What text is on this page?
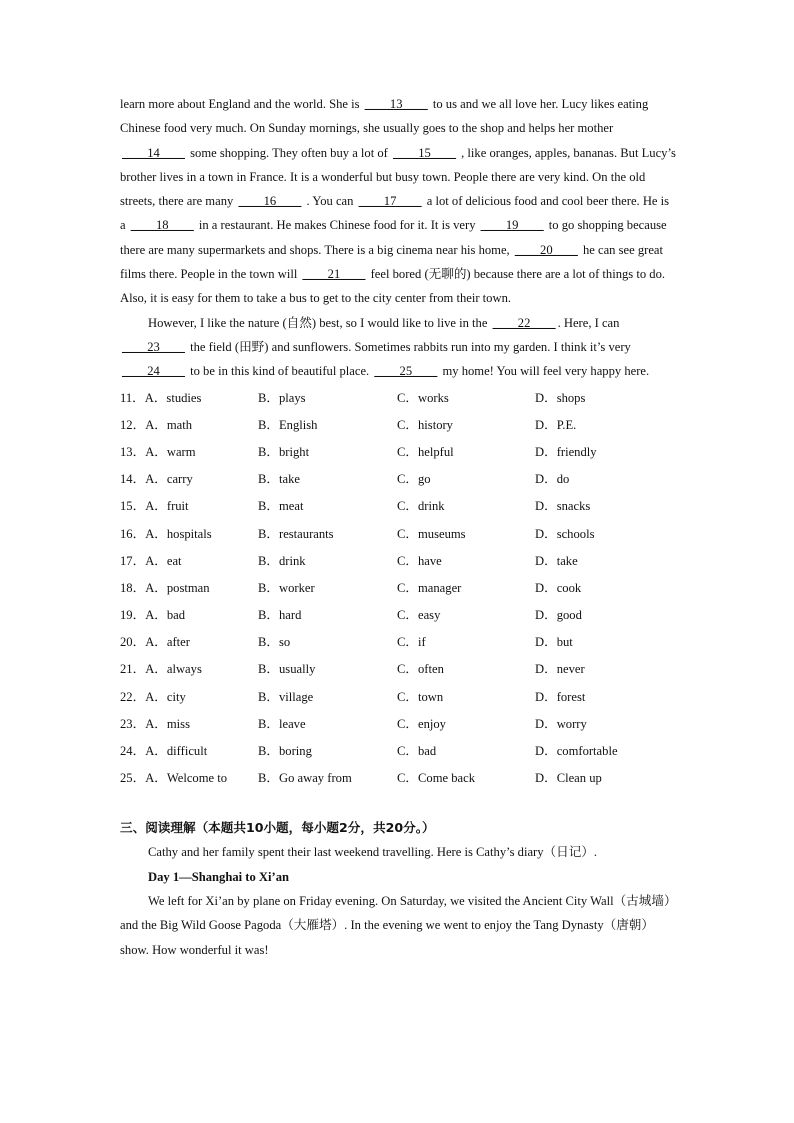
learn more about England and the world. She is ____13____ to us and we all love her. Lucy likes eating Chinese food very much. On Sunday mornings, she usually goes to the shop and helps her mother ____14____ some shopping. They often buy a lot of ____15____ , like oranges, apples, bananas. But Lucy’s brother lives in a town in France. It is a wonderful but busy town. People there are very kind. On the old streets, there are many ____16____ . You can ____17____ a lot of delicious food and cool beer there. He is a ____18____ in a restaurant. He makes Chinese food for it. It is very ____19____ to go shopping because there are many supermarkets and shops. There is a big cinema near his home, ____20____ he can see great films there. People in the town will ____21____ feel bored (无聊的) because there are a lot of things to do. Also, it is easy for them to take a bus to get to the city center from their town.

However, I like the nature (自然) best, so I would like to live in the ____22____ . Here, I can ____23____ the field (田野) and sunflowers. Sometimes rabbits run into my garden. I think it’s very ____24____ to be in this kind of beautiful place. ____25____ my home! You will feel very happy here.

11．A．studies	B．plays	C．works	D．shops
12．A．math	B．English	C．history	D．P.E.
13．A．warm	B．bright	C．helpful	D．friendly
14．A．carry	B．take	C．go	D．do
15．A．fruit	B．meat	C．drink	D．snacks
16．A．hospitals	B．restaurants	C．museums	D．schools
17．A．eat	B．drink	C．have	D．take
18．A．postman	B．worker	C．manager	D．cook
19．A．bad	B．hard	C．easy	D．good
20．A．after	B．so	C．if	D．but
21．A．always	B．usually	C．often	D．never
22．A．city	B．village	C．town	D．forest
23．A．miss	B．leave	C．enjoy	D．worry
24．A．difficult	B．boring	C．bad	D．comfortable
25．A．Welcome to B．Go away from	C．Come back	D．Clean up
三、阅读理解（本题共10小题，每小题2分，共20分。）

Cathy and her family spent their last weekend travelling. Here is Cathy’s diary（日记）.

Day 1—Shanghai to Xi’an

We left for Xi’an by plane on Friday evening. On Saturday, we visited the Ancient City Wall（古城墙）and the Big Wild Goose Pagoda（大雁塔）. In the evening we went to enjoy the Tang Dynasty（唐朝）show. How wonderful it was!
